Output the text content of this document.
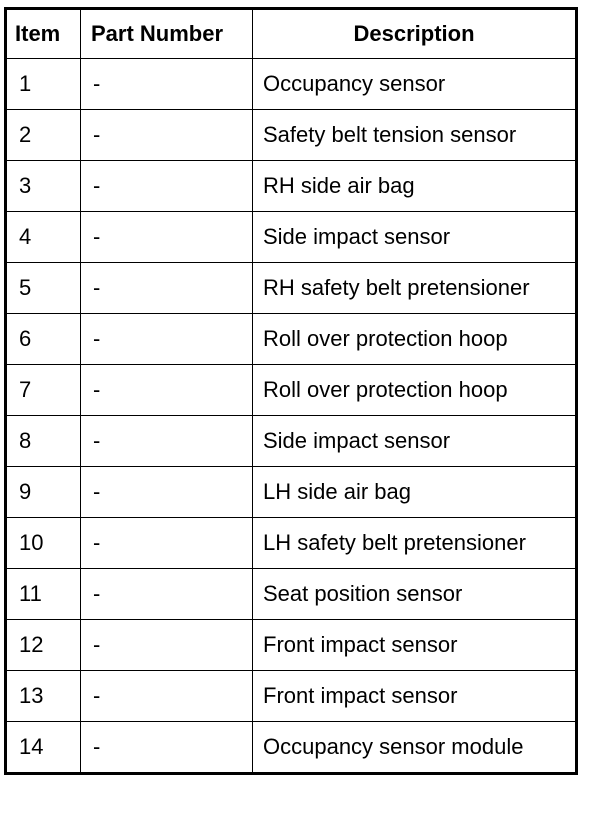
Item	Part Number	Description
1	-	Occupancy sensor
2	-	Safety belt tension sensor
3	-	RH side air bag
4	-	Side impact sensor
5	-	RH safety belt pretensioner
6	-	Roll over protection hoop
7	-	Roll over protection hoop
8	-	Side impact sensor
9	-	LH side air bag
10	-	LH safety belt pretensioner
11	-	Seat position sensor
12	-	Front impact sensor
13	-	Front impact sensor
14	-	Occupancy sensor module
